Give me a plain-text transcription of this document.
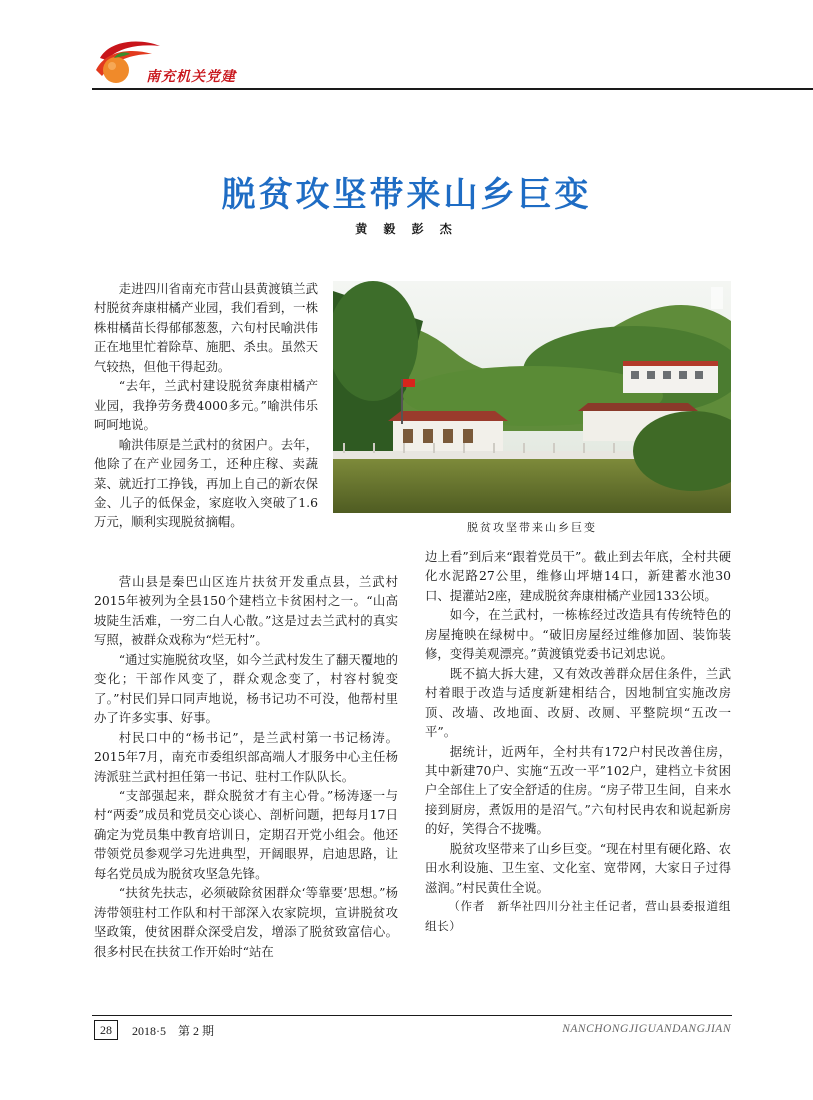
南充机关党建
脱贫攻坚带来山乡巨变
黄 毅 彭 杰

走进四川省南充市营山县黄渡镇兰武村脱贫奔康柑橘产业园，我们看到，一株株柑橘苗长得郁郁葱葱，六旬村民喻洪伟正在地里忙着除草、施肥、杀虫。虽然天气较热，但他干得起劲。

“去年，兰武村建设脱贫奔康柑橘产业园，我挣劳务费4000多元。”喻洪伟乐呵呵地说。

喻洪伟原是兰武村的贫困户。去年，他除了在产业园务工，还种庄稼、卖蔬菜、就近打工挣钱，再加上自己的新农保金、儿子的低保金，家庭收入突破了1.6万元，顺利实现脱贫摘帽。

营山县是秦巴山区连片扶贫开发重点县，兰武村2015年被列为全县150个建档立卡贫困村之一。“山高坡陡生活难，一穷二白人心散。”这是过去兰武村的真实写照，被群众戏称为“烂无村”。

“通过实施脱贫攻坚，如今兰武村发生了翻天覆地的变化；干部作风变了，群众观念变了，村容村貌变了。”村民们异口同声地说，杨书记功不可没，他帮村里办了许多实事、好事。

村民口中的“杨书记”，是兰武村第一书记杨涛。2015年7月，南充市委组织部高端人才服务中心主任杨涛派驻兰武村担任第一书记、驻村工作队队长。

“支部强起来，群众脱贫才有主心骨。”杨涛逐一与村“两委”成员和党员交心谈心、剖析问题，把每月17日确定为党员集中教育培训日，定期召开党小组会。他还带领党员参观学习先进典型，开阔眼界，启迪思路，让每名党员成为脱贫攻坚急先锋。

“扶贫先扶志，必须破除贫困群众‘等靠要’思想。”杨涛带领驻村工作队和村干部深入农家院坝，宣讲脱贫攻坚政策，使贫困群众深受启发，增添了脱贫致富信心。很多村民在扶贫工作开始时“站在

脱贫攻坚带来山乡巨变

边上看”到后来“跟着党员干”。截止到去年底，全村共硬化水泥路27公里，维修山坪塘14口，新建蓄水池30口、提灌站2座，建成脱贫奔康柑橘产业园133公顷。

如今，在兰武村，一栋栋经过改造具有传统特色的房屋掩映在绿树中。“破旧房屋经过维修加固、装饰装修，变得美观漂亮。”黄渡镇党委书记刘忠说。

既不搞大拆大建，又有效改善群众居住条件，兰武村着眼于改造与适度新建相结合，因地制宜实施改房顶、改墙、改地面、改厨、改厕、平整院坝“五改一平”。

据统计，近两年，全村共有172户村民改善住房，其中新建70户、实施“五改一平”102户，建档立卡贫困户全部住上了安全舒适的住房。“房子带卫生间，自来水接到厨房，煮饭用的是沼气。”六旬村民冉农和说起新房的好，笑得合不拢嘴。

脱贫攻坚带来了山乡巨变。“现在村里有硬化路、农田水利设施、卫生室、文化室、宽带网，大家日子过得滋润。”村民黄仕全说。

（作者　新华社四川分社主任记者，营山县委报道组组长）

28	2018·5　第 2 期	NANCHONGJIGUANDANGJIAN
